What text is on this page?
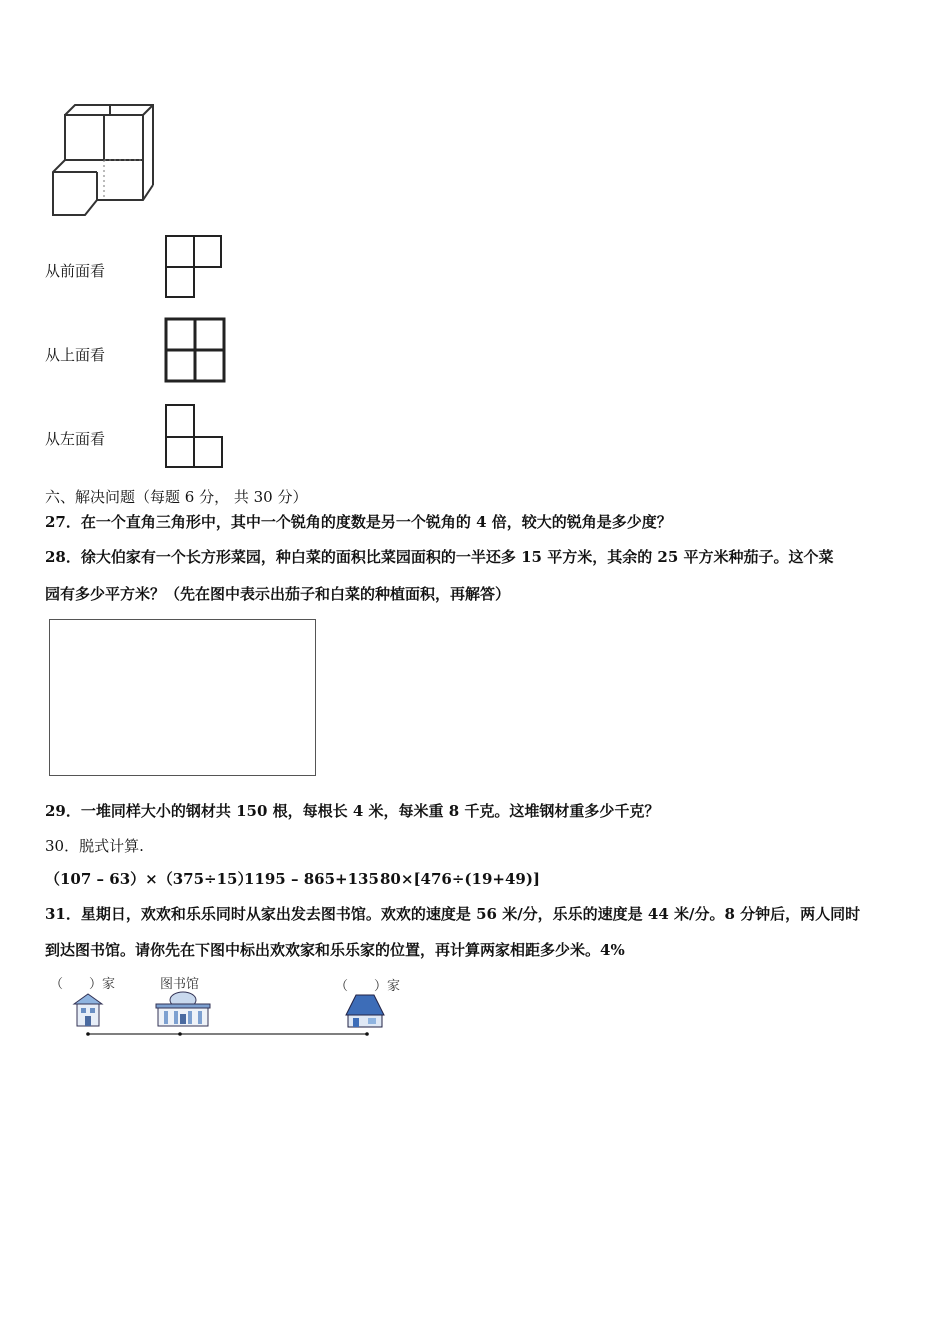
从前面看
从上面看
从左面看
六、解决问题（每题 6 分， 共 30 分）
27．在一个直角三角形中，其中一个锐角的度数是另一个锐角的 4 倍，较大的锐角是多少度？
28．徐大伯家有一个长方形菜园，种白菜的面积比菜园面积的一半还多 15 平方米，其余的 25 平方米种茄子。这个菜
园有多少平方米？（先在图中表示出茄子和白菜的种植面积，再解答）
29．一堆同样大小的钢材共 150 根，每根长 4 米，每米重 8 千克。这堆钢材重多少千克？
30．脱式计算.
（107 – 63）×（375÷15）
1195 – 865+135 80×[476÷(19+49)]
31．星期日，欢欢和乐乐同时从家出发去图书馆。欢欢的速度是 56 米/分，乐乐的速度是 44 米/分。8 分钟后，两人同时
到达图书馆。请你先在下图中标出欢欢家和乐乐家的位置，再计算两家相距多少米。4%
（　　）家	图书馆	（　　）家
